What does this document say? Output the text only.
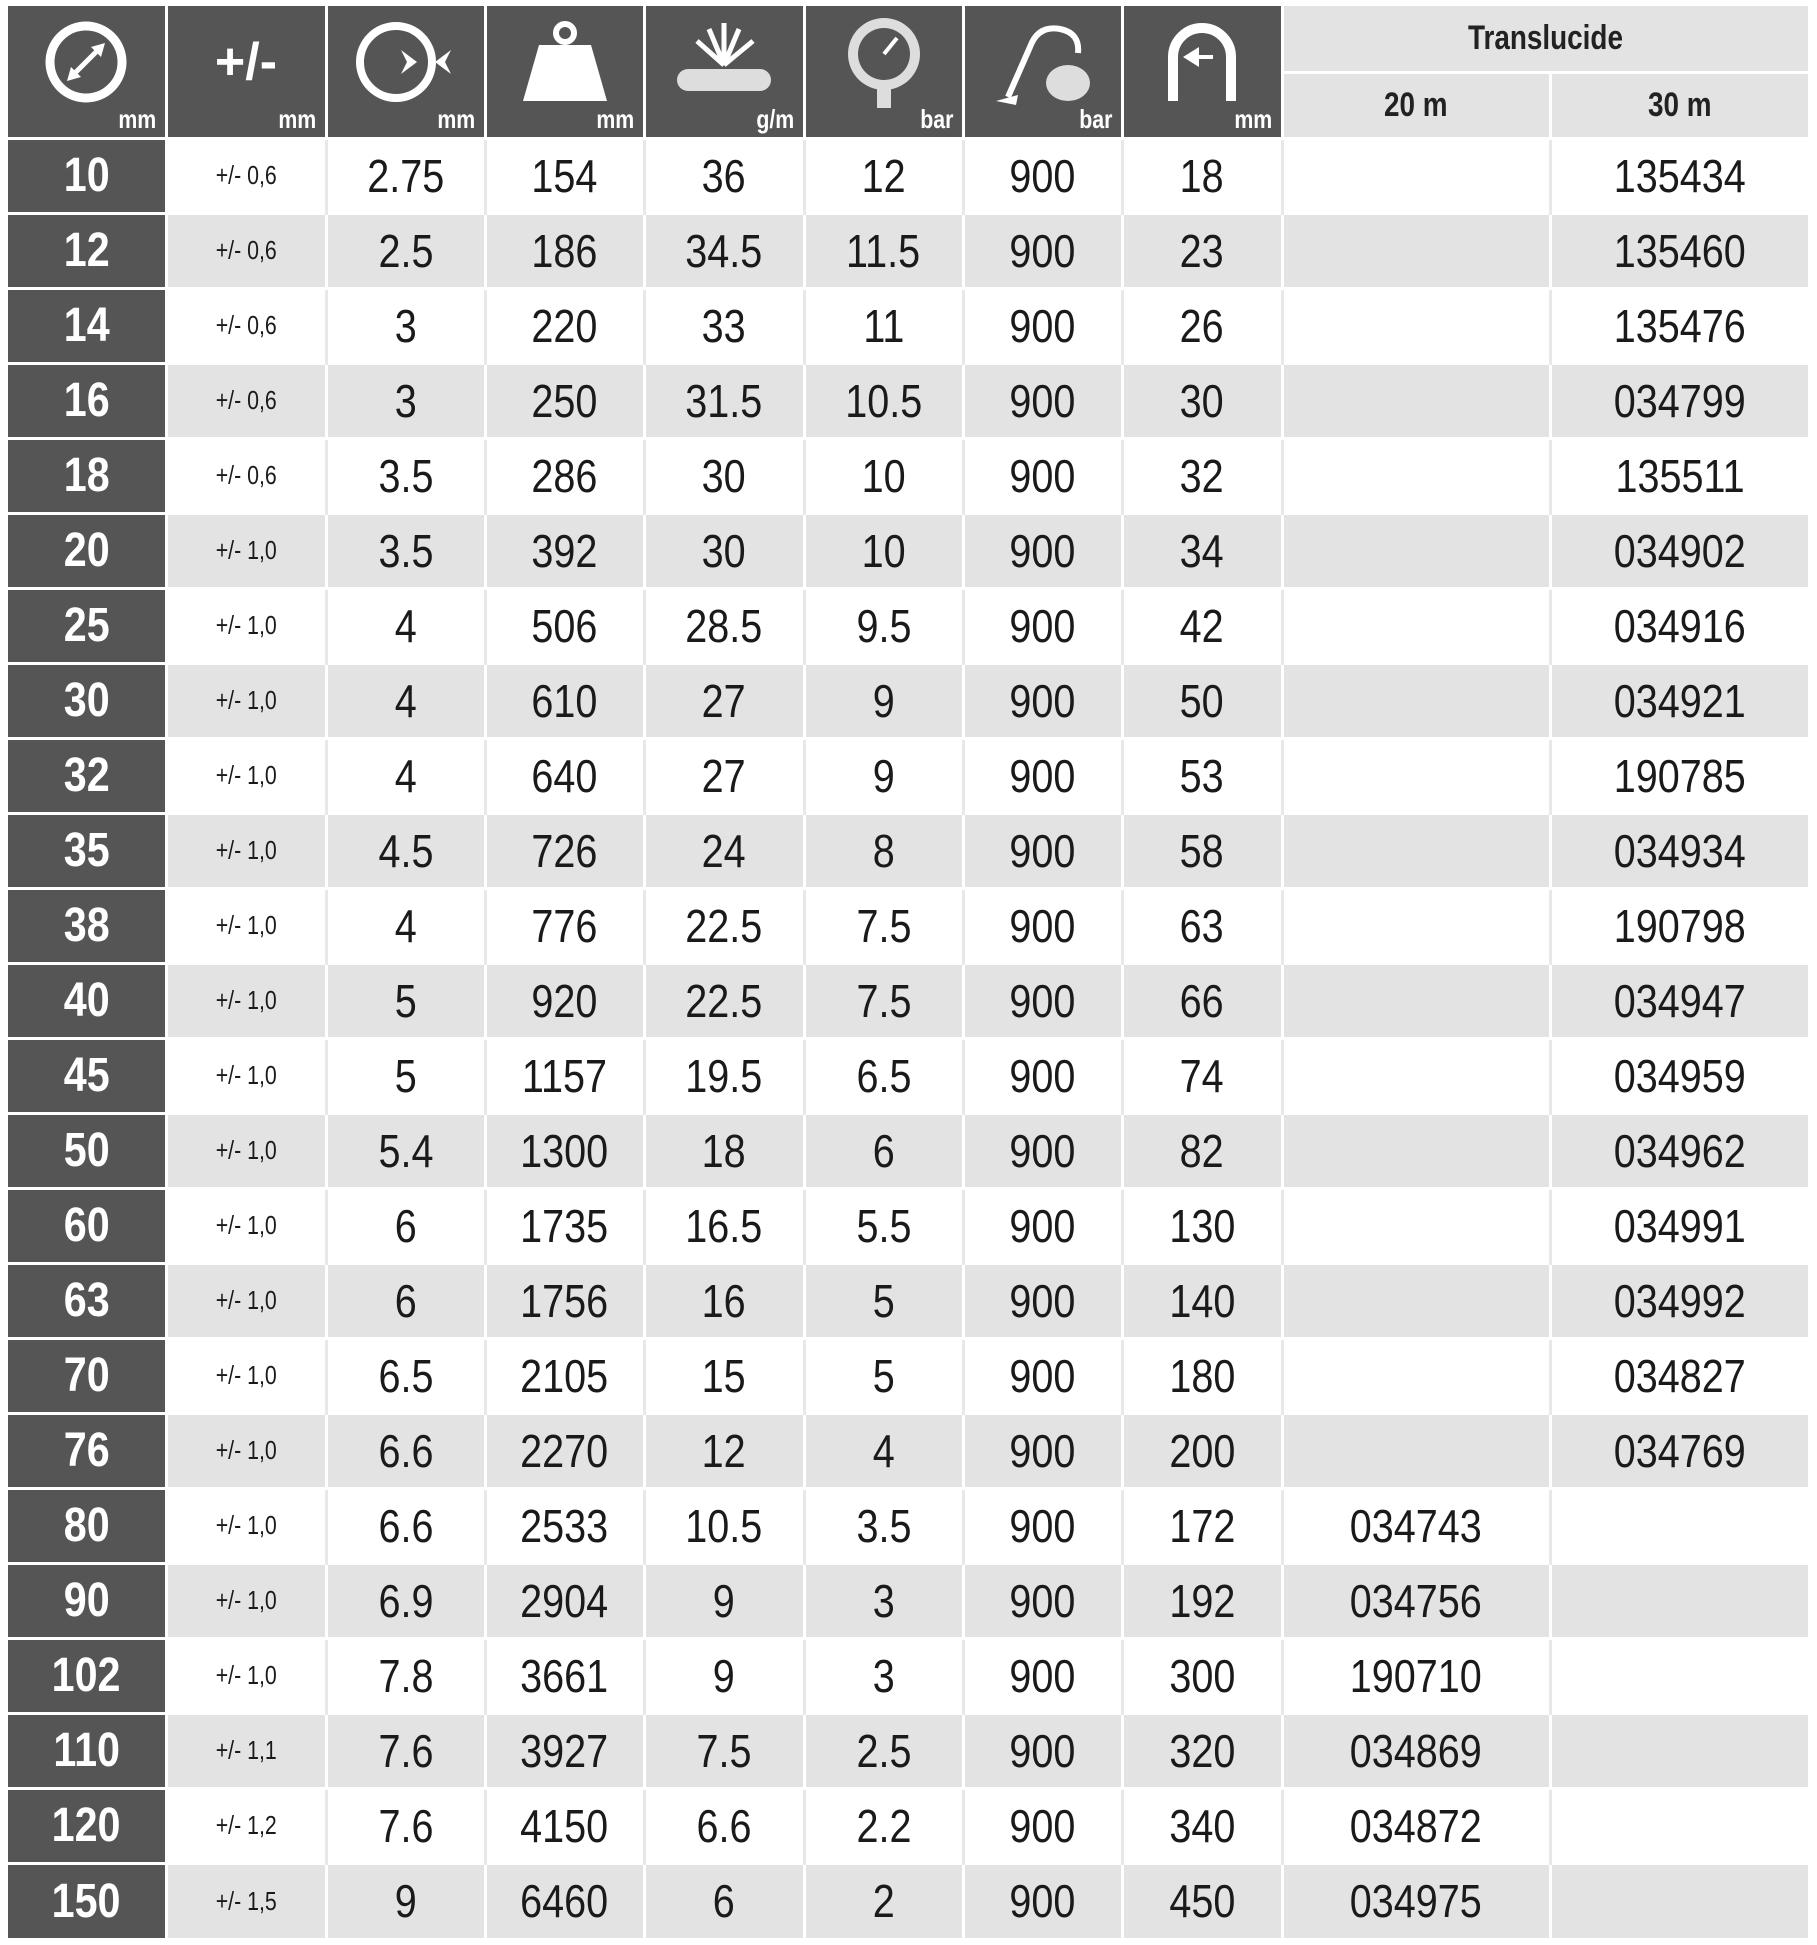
mm	+/-
mm	mm	mm	g/m	bar	bar	mm	Translucide	
								20 m	30 m
10	+/- 0,6	2.75	154	36	12	900	18		135434
12	+/- 0,6	2.5	186	34.5	11.5	900	23		135460
14	+/- 0,6	3	220	33	11	900	26		135476
16	+/- 0,6	3	250	31.5	10.5	900	30		034799
18	+/- 0,6	3.5	286	30	10	900	32		135511
20	+/- 1,0	3.5	392	30	10	900	34		034902
25	+/- 1,0	4	506	28.5	9.5	900	42		034916
30	+/- 1,0	4	610	27	9	900	50		034921
32	+/- 1,0	4	640	27	9	900	53		190785
35	+/- 1,0	4.5	726	24	8	900	58		034934
38	+/- 1,0	4	776	22.5	7.5	900	63		190798
40	+/- 1,0	5	920	22.5	7.5	900	66		034947
45	+/- 1,0	5	1157	19.5	6.5	900	74		034959
50	+/- 1,0	5.4	1300	18	6	900	82		034962
60	+/- 1,0	6	1735	16.5	5.5	900	130		034991
63	+/- 1,0	6	1756	16	5	900	140		034992
70	+/- 1,0	6.5	2105	15	5	900	180		034827
76	+/- 1,0	6.6	2270	12	4	900	200		034769
80	+/- 1,0	6.6	2533	10.5	3.5	900	172	034743	
90	+/- 1,0	6.9	2904	9	3	900	192	034756	
102	+/- 1,0	7.8	3661	9	3	900	300	190710	
110	+/- 1,1	7.6	3927	7.5	2.5	900	320	034869	
120	+/- 1,2	7.6	4150	6.6	2.2	900	340	034872	
150	+/- 1,5	9	6460	6	2	900	450	034975	
